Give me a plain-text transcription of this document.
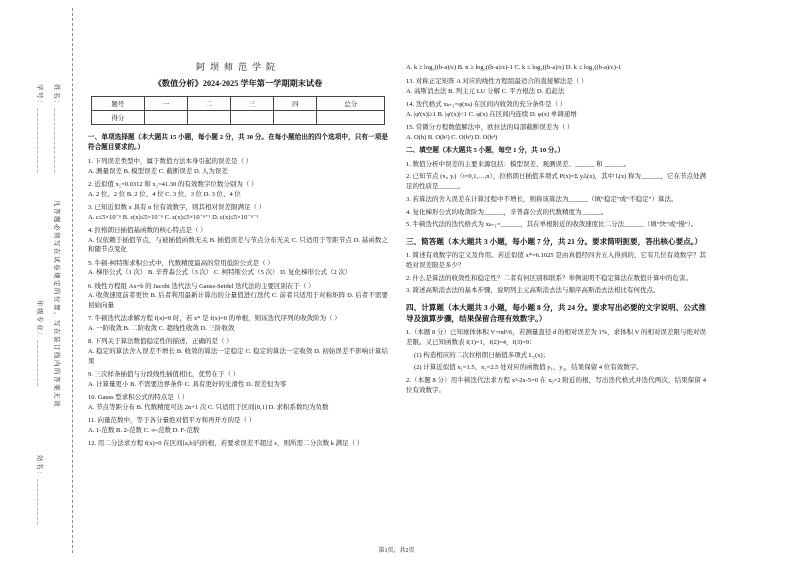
姓名：______________
凡答题必须写在试卷规定的位置，写在装订线内的答案无效
学号：______________
年级专业：__________
站名：__________
阿坝师范学院
《数值分析》2024-2025 学年第一学期期末试卷
题号	一	二	三	四	总分
得分					

一、单项选择题（本大题共 15 小题，每小题 2 分，共 30 分。在每小题给出的四个选项中，只有一项是符合题目要求的。）

1. 下列误差类型中，属于数值方法本身引起的误差是（ ）

A. 测量误差 B. 模型误差 C. 截断误差 D. 人为误差

2. 近似值 x₁=0.0312 和 x₂=41.30 的有效数字位数分别为（ ）

A. 2 位、2 位 B. 2 位、4 位 C. 3 位、3 位 D. 3 位、4 位

3. 已知近似数 x 具有 n 位有效数字，则其相对误差限满足（ ）

A. ε≤5×10⁻ⁿ B. ε(x)≤5×10⁻ⁿ C. ε(x)≤5×10⁻ⁿ⁺¹ D. ε(x)≤5×10⁻ⁿ⁻¹

4. 拉格朗日插值基函数的核心特点是（ ）

A. 仅依赖于插值节点，与被插值函数无关 B. 插值误差与节点分布无关 C. 只适用于等距节点 D. 基函数之和随节点变化

5. 牛顿-柯特斯求积公式中，代数精度最高的常用低阶公式是（ ）

A. 梯形公式（1 次） B. 辛普森公式（3 次） C. 柯特斯公式（5 次） D. 复化梯形公式（2 次）

6. 线性方程组 Ax=b 的 Jacobi 迭代法与 Gauss-Seidel 迭代法的主要区别在于（ ）

A. 收敛速度前者更快 B. 后者利用最新计算出的分量值进行迭代 C. 前者只适用于对称矩阵 D. 后者不需要初始向量

7. 牛顿迭代法求解方程 f(x)=0 时，若 x* 是 f(x)=0 的单根，则该迭代序列的收敛阶为（ ）

A. 一阶收敛 B. 二阶收敛 C. 超线性收敛 D. 三阶收敛

8. 下列关于算法数值稳定性的描述，正确的是（ ）

A. 稳定的算法舍入误差不增长 B. 收敛的算法一定稳定 C. 稳定的算法一定收敛 D. 初始误差不影响计算结果

9. 三次样条插值与分段线性插值相比，优势在于（ ）

A. 计算量更小 B. 不需要边界条件 C. 具有更好的光滑性 D. 误差恒为零

10. Gauss 型求积公式的特点是（ ）

A. 节点等距分布 B. 代数精度可达 2n+1 次 C. 只适用于区间[0,1] D. 求积系数均为负数

11. 向量范数中，等于各分量绝对值平方和再开方的是（ ）

A. 1-范数 B. 2-范数 C. ∞-范数 D. F-范数

12. 用二分法求方程 f(x)=0 在区间[a,b]内的根，若要求误差不超过 ε，则所需二分次数 k 满足（ ）

A. k ≥ log₂((b-a)/ε) B. n ≥ log₂((b-a)/ε)-1 C. k ≤ log₂((b-a)/ε) D. k ≤ log₂((b-a)/ε)-1

13. 对称正定矩阵 A 对应的线性方程组最适合的直接解法是（ ）

A. 高斯消去法 B. 列主元 LU 分解 C. 平方根法 D. 追赶法

14. 迭代格式 xₖ₊₁=φ(xₖ) 在区间内收敛的充分条件是（ ）

A. |φ'(x)|≥1 B. |φ'(x)|<1 C. φ(x) 在区间内连续 D. φ(x) 单调递增

15. 常微分方程数值解法中，欧拉法的局部截断误差为（ ）

A. O(h) B. O(h²) C. O(h³) D. O(h⁴)

二、填空题（本大题共 5 小题，每空 1 分，共 10 分。）

1. 数值分析中误差的主要来源包括：模型误差、观测误差、______ 和 ______。

2. 已知节点 (xᵢ, yᵢ)（i=0,1,…,n），拉格朗日插值多项式 P(x)=Σ yᵢlᵢ(x)，其中 lᵢ(x) 称为______，它在节点处满足的性质是______。

3. 若算法的舍入误差在计算过程中不增长，则称该算法为______（填“稳定”或“不稳定”）算法。

4. 复化梯形公式的收敛阶为______，辛普森公式的代数精度为______。

5. 牛顿迭代法的迭代格式为 xₖ₊₁=______，其在单根附近的收敛速度比二分法______（填“快”或“慢”）。

三、简答题（本大题共 3 小题，每小题 7 分，共 21 分。要求简明扼要，答出核心要点。）

1. 简述有效数字的定义及作用。若近似值 x*=6.1025 是由真值经四舍五入得到的，它有几位有效数字？其绝对误差限是多少？

2. 什么是算法的收敛性和稳定性？二者有何区别和联系？举例说明不稳定算法在数值计算中的危害。

3. 简述高斯消去法的基本步骤，说明列主元高斯消去法与顺序高斯消去法相比有何优点。

四、计算题（本大题共 3 小题，每小题 8 分，共 24 分。要求写出必要的文字说明、公式推导及演算步骤，结果保留合理有效数字。）

1.（本题 8 分）已知球体体积 V=πd³/6，若测量直径 d 的相对误差为 1%，求体积 V 的相对误差限与绝对误差限。又已知函数表 f(1)=1，f(2)=4，f(3)=9：

(1) 构造相应的二次拉格朗日插值多项式 L₂(x)；

(2) 计算近似值 x₁=1.5、x₂=2.5 处对应的函数值 y₁、y₂，结果保留 4 位有效数字。

2.（本题 8 分）用牛顿迭代法求方程 x³-2x-5=0 在 x₀=2 附近的根，写出迭代格式并迭代两次，结果保留 4 位有效数字。

第1页，共2页
